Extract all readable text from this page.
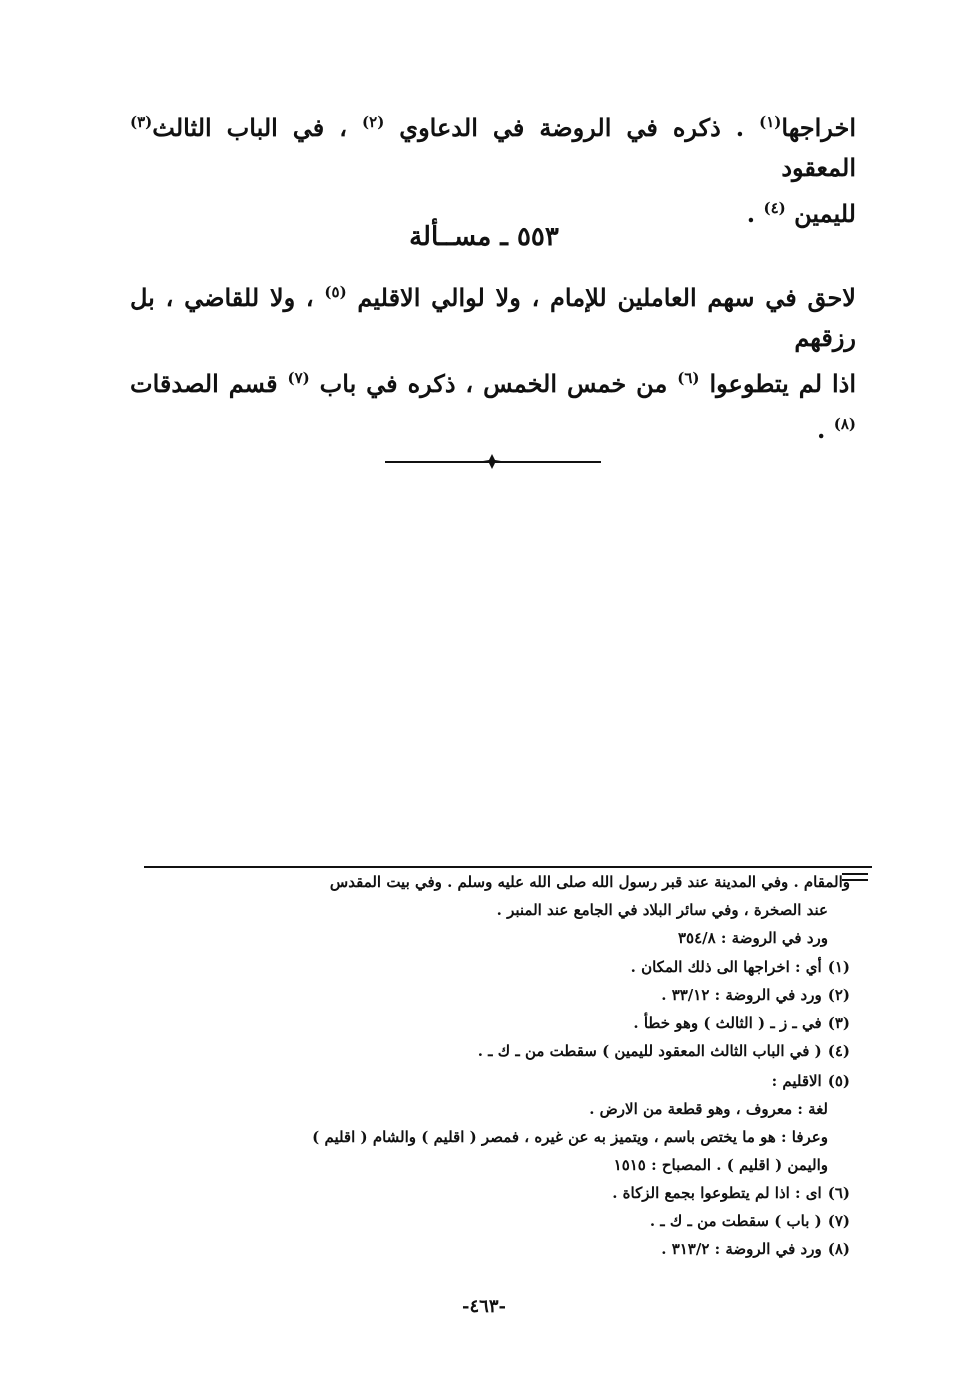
اخراجها$^{(١)}$ . ذكره في الروضة في الدعاوي $^{(٢)}$ ، في الباب الثالث$^{(٣)}$ المعقود
لليمين $^{(٤)}$ .
٥٥٣ ـ مســألة
لاحق في سهم العاملين للإمام ، ولا لوالي الاقليم $^{(٥)}$ ، ولا للقاضي ، بل رزقهم
اذا لم يتطوعوا $^{(٦)}$ من خمس الخمس ، ذكره في باب $^{(٧)}$ قسم الصدقات $^{(٨)}$ .
والمقام . وفي المدينة عند قبر رسول الله صلى الله عليه وسلم . وفي بيت المقدس
عند الصخرة ، وفي سائر البلاد في الجامع عند المنبر .
ورد في الروضة : ٣٥٤/٨
(١)أي : اخراجها الى ذلك المكان .
(٢)ورد في الروضة : ٣٣/١٢ .
(٣)في ـ ز ـ ( الثالث ) وهو خطأ .
(٤)( في الباب الثالث المعقود لليمين ) سقطت من ـ ك ـ .
(٥)الاقليم :
لغة : معروف ، وهو قطعة من الارض .
وعرفا : هو ما يختص باسم ، ويتميز به عن غيره ، فمصر ( اقليم ) والشام ( اقليم )
واليمن ( اقليم ) . المصباح : ١٥١٥
(٦)اى : اذا لم يتطوعوا بجمع الزكاة .
(٧)( باب ) سقطت من ـ ك ـ .
(٨)ورد في الروضة : ٣١٣/٢ .
-٤٦٣-
